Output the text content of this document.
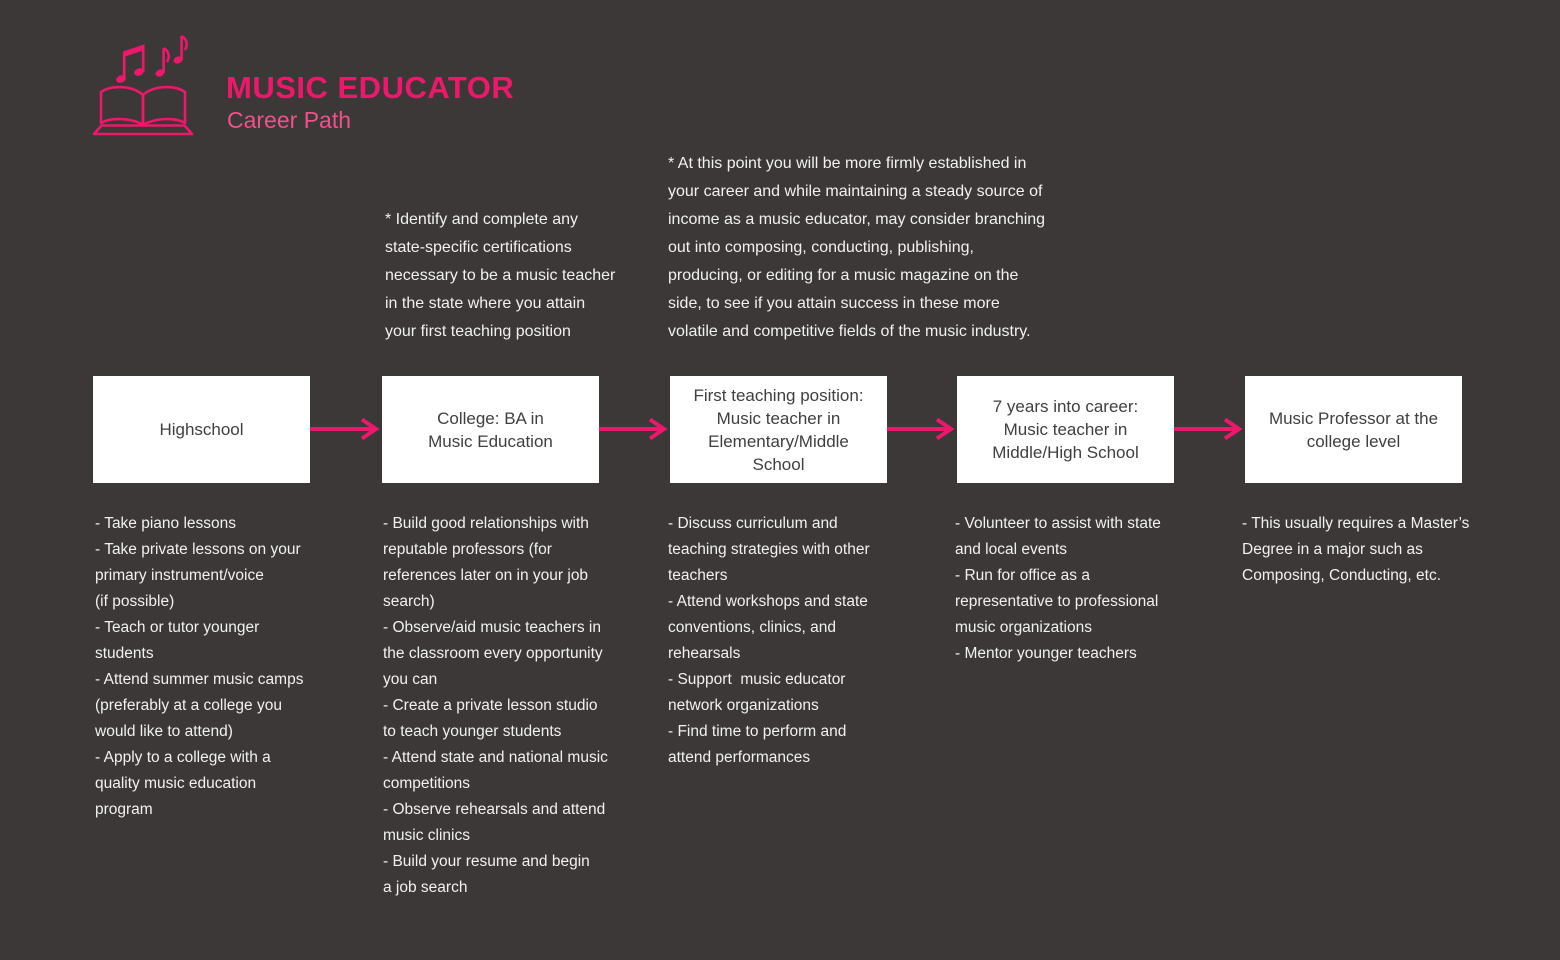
MUSIC EDUCATOR
Career Path
* Identify and complete any
state-specific certifications
necessary to be a music teacher
in the state where you attain
your first teaching position
* At this point you will be more firmly established in
your career and while maintaining a steady source of
income as a music educator, may consider branching
out into composing, conducting, publishing,
producing, or editing for a music magazine on the
side, to see if you attain success in these more
volatile and competitive fields of the music industry.
Highschool
College: BA in
Music Education
First teaching position:
Music teacher in
Elementary/Middle
School
7 years into career:
Music teacher in
Middle/High School
Music Professor at the
college level
- Take piano lessons
- Take private lessons on your
primary instrument/voice
(if possible)
- Teach or tutor younger
students
- Attend summer music camps
(preferably at a college you
would like to attend)
- Apply to a college with a
quality music education
program
- Build good relationships with
reputable professors (for
references later on in your job
search)
- Observe/aid music teachers in
the classroom every opportunity
you can
- Create a private lesson studio
to teach younger students
- Attend state and national music
competitions
- Observe rehearsals and attend
music clinics
- Build your resume and begin
a job search
- Discuss curriculum and
teaching strategies with other
teachers
- Attend workshops and state
conventions, clinics, and
rehearsals
- Support  music educator
network organizations
- Find time to perform and
attend performances
- Volunteer to assist with state
and local events
- Run for office as a
representative to professional
music organizations
- Mentor younger teachers
- This usually requires a Master’s
Degree in a major such as
Composing, Conducting, etc.
